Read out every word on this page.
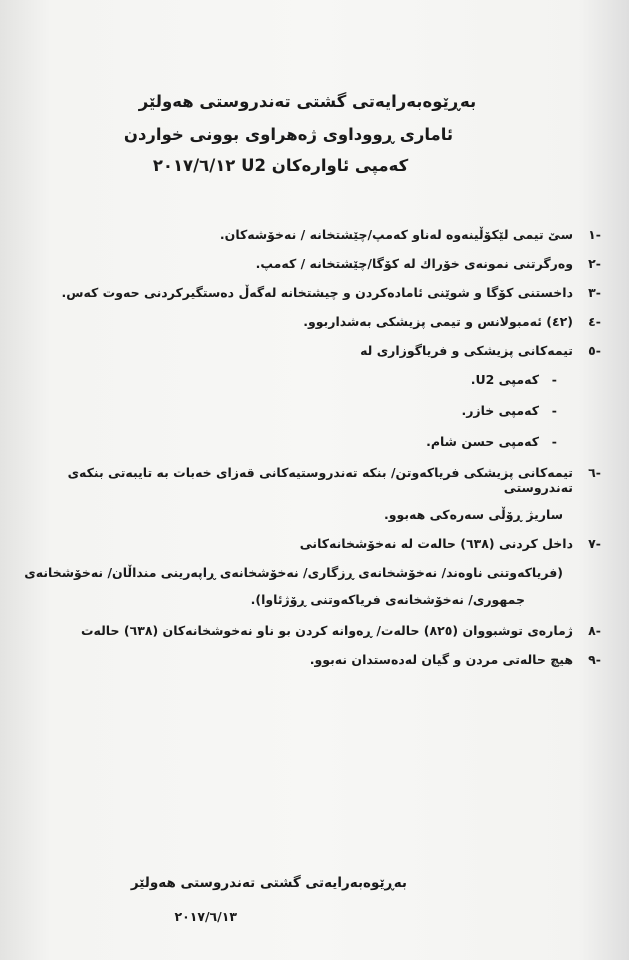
بەڕێوەبەرایەتی گشتی تەندروستی هەولێر
ئاماری ڕووداوی ژەهراوی بوونی خواردن
کەمپی ئاوارەکان U2 ٢٠١٧/٦/١٢
-١
سێ تیمی لێکۆڵینەوە لەناو کەمپ/چێشتخانە / نەخۆشەکان.
-٢
وەرگرتنی نمونەی خۆراك لە کۆگا/چێشتخانە / کەمپ.
-٣
داخستنی کۆگا و شوێنی ئامادەکردن و چیشتخانە لەگەڵ دەستگیرکردنی حەوت کەس.
-٤
(٤٢) ئەمبولانس و تیمی پزیشکی بەشداربوو.
-٥
تیمەکانی پزیشکی و فریاگوزاری لە
-
کەمپی U2.
-
کەمپی خازر.
-
کەمپی حسن شام.
-٦
تیمەکانی پزیشکی فریاکەوتن/ بنکە تەندروستیەکانی قەزای خەبات بە تایبەتی بنکەی تەندروستی
ساریژ ڕۆڵی سەرەکی هەبوو.
-٧
داخل کردنی (٦٣٨) حالەت لە نەخۆشخانەکانی
(فریاکەوتنی ناوەند/ نەخۆشخانەی ڕزگاری/ نەخۆشخانەی ڕاپەرینی منداڵان/ نەخۆشخانەی
جمهوری/ نەخۆشخانەی فریاکەوتنی ڕۆژئاوا).
-٨
ژمارەی توشبووان (٨٢٥) حالەت/ ڕەوانە کردن بو ناو نەخوشخانەکان (٦٣٨) حالەت
-٩
هیچ حالەتی مردن و گیان لەدەستدان نەبوو.
بەڕێوەبەرایەتی گشتی تەندروستی هەولێر
٢٠١٧/٦/١٣
